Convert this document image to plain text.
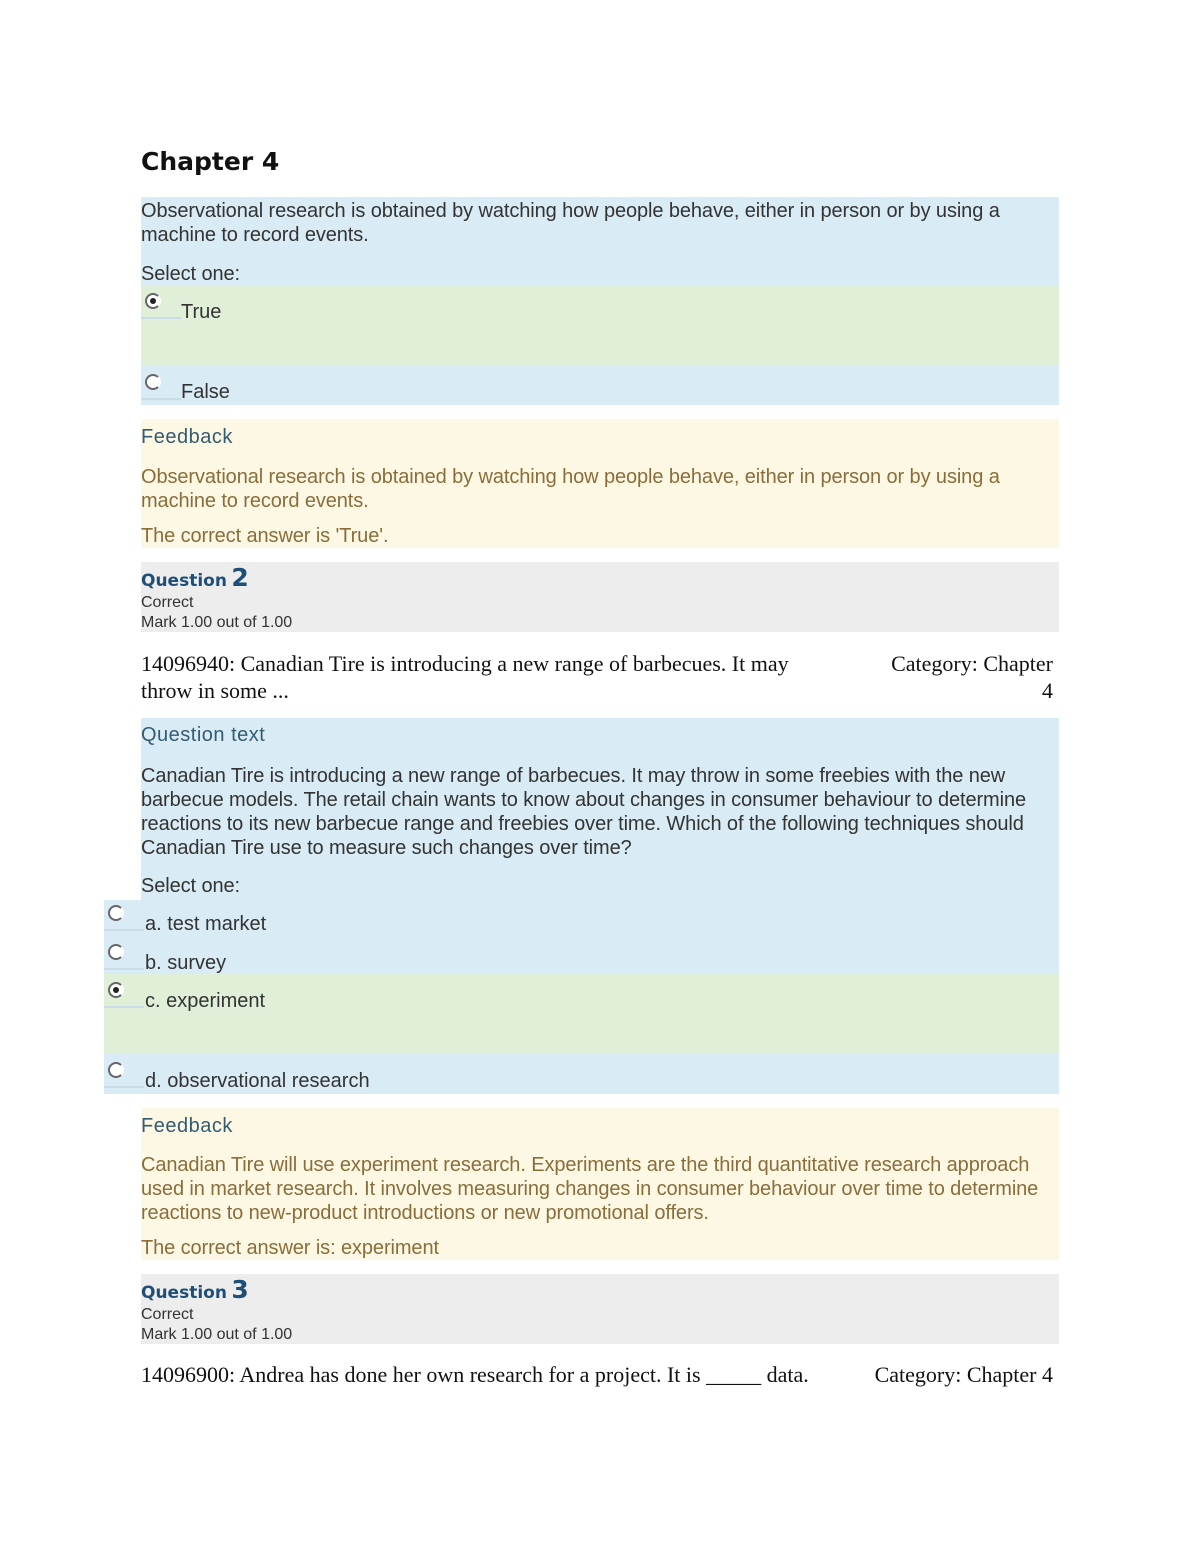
Chapter 4
Observational research is obtained by watching how people behave, either in person or by using a machine to record events.
Select one:
True
False
Feedback
Observational research is obtained by watching how people behave, either in person or by using a machine to record events.
The correct answer is 'True'.
Question 2
Correct
Mark 1.00 out of 1.00
14096940: Canadian Tire is introducing a new range of barbecues. It may throw in some ...
Category: Chapter
4
Question text
Canadian Tire is introducing a new range of barbecues. It may throw in some freebies with the new barbecue models. The retail chain wants to know about changes in consumer behaviour to determine reactions to its new barbecue range and freebies over time. Which of the following techniques should Canadian Tire use to measure such changes over time?
Select one:
a. test market
b. survey
c. experiment
d. observational research
Feedback
Canadian Tire will use experiment research. Experiments are the third quantitative research approach used in market research. It involves measuring changes in consumer behaviour over time to determine reactions to new-product introductions or new promotional offers.
The correct answer is: experiment
Question 3
Correct
Mark 1.00 out of 1.00
14096900: Andrea has done her own research for a project. It is _____ data.	Category: Chapter 4
